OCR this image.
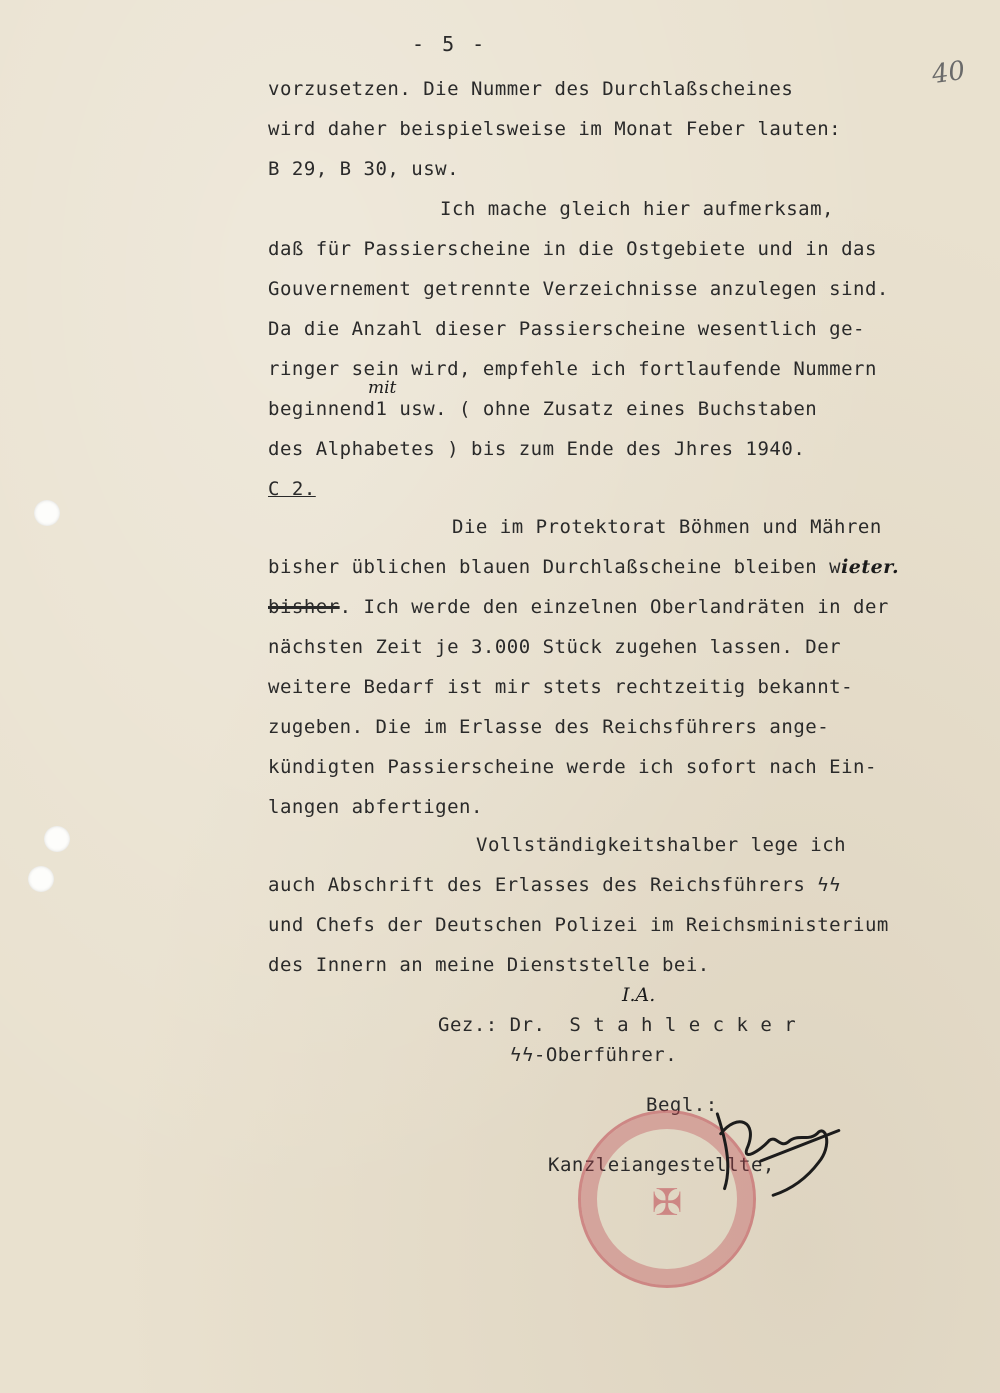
- 5 -
40
vorzusetzen. Die Nummer des Durchlaßscheines
wird daher beispielsweise im Monat Feber lauten:
B 29, B 30, usw.
Ich mache gleich hier aufmerksam,
daß für Passierscheine in die Ostgebiete und in das
Gouvernement getrennte Verzeichnisse anzulegen sind.
Da die Anzahl dieser Passierscheine wesentlich ge-
ringer sein wird, empfehle ich fortlaufende Nummern
mit
beginnend1 usw. ( ohne Zusatz eines Buchstaben
des Alphabetes ) bis zum Ende des Jhres 1940.
C 2.
Die im Protektorat Böhmen und Mähren
bisher üblichen blauen Durchlaßscheine bleiben wieter.
bisher. Ich werde den einzelnen Oberlandräten in der
nächsten Zeit je 3.000 Stück zugehen lassen. Der
weitere Bedarf ist mir stets rechtzeitig bekannt-
zugeben. Die im Erlasse des Reichsführers ange-
kündigten Passierscheine werde ich sofort nach Ein-
langen abfertigen.
Vollständigkeitshalber lege ich
auch Abschrift des Erlasses des Reichsführers ϟϟ
und Chefs der Deutschen Polizei im Reichsministerium
des Innern an meine Dienststelle bei.
I.A.
Gez.: Dr.  S t a h l e c k e r
ϟϟ-Oberführer.
Begl.:
Kanzleiangestellte,
✠
